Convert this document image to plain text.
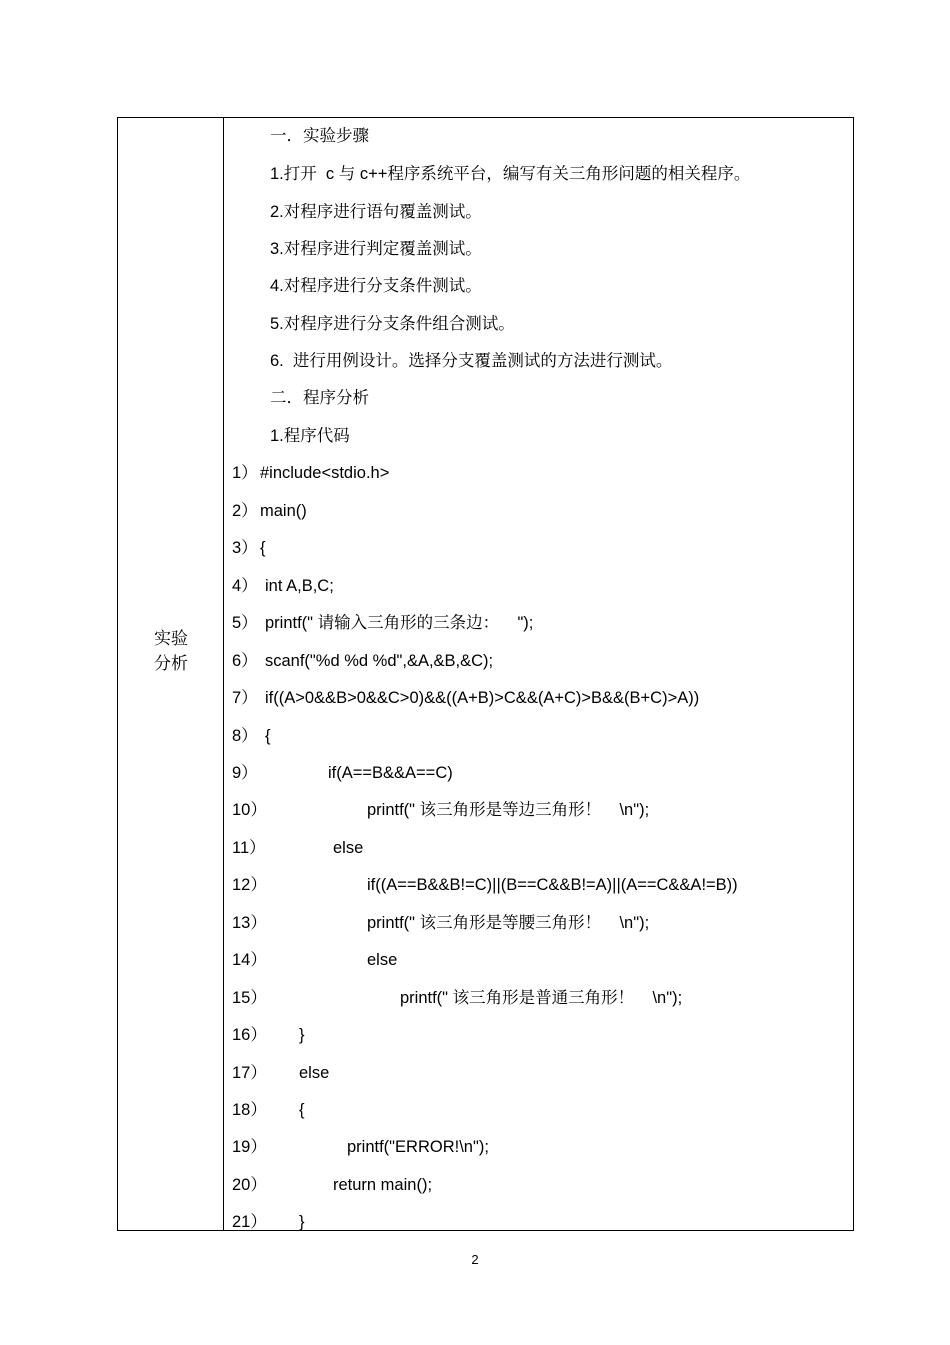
实验
分析
一．实验步骤
1.打开  c 与 c++程序系统平台，编写有关三角形问题的相关程序。
2.对程序进行语句覆盖测试。
3.对程序进行判定覆盖测试。
4.对程序进行分支条件测试。
5.对程序进行分支条件组合测试。
6.  进行用例设计。选择分支覆盖测试的方法进行测试。
二．程序分析
1.程序代码
1） #include<stdio.h>
2） main()
3） {
4） int A,B,C;
5） printf(" 请输入三角形的三条边：    ");
6） scanf("%d %d %d",&A,&B,&C);
7） if((A>0&&B>0&&C>0)&&((A+B)>C&&(A+C)>B&&(B+C)>A))
8） {
9）	if(A==B&&A==C)
10）	printf(" 该三角形是等边三角形！    \n");
11）	else
12）	if((A==B&&B!=C)||(B==C&&B!=A)||(A==C&&A!=B))
13）	printf(" 该三角形是等腰三角形！    \n");
14）	else
15）	printf(" 该三角形是普通三角形！    \n");
16） }
17） else
18） {
19）	printf("ERROR!\n");
20）	return main();
21） }
2
